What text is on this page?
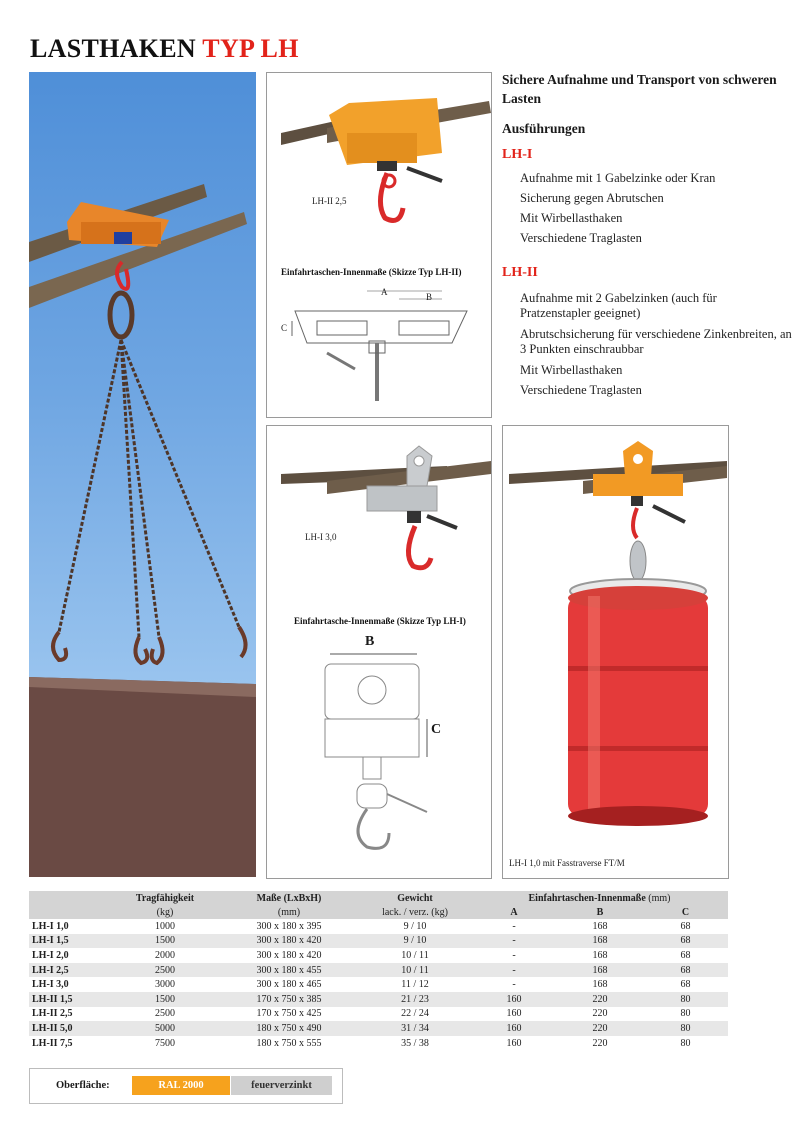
LASTHAKEN TYP LH
LH-II 2,5
Einfahrtaschen-Innenmaße (Skizze Typ LH-II)
A	B
C
LH-I 3,0
Einfahrtasche-Innenmaße (Skizze Typ LH-I)
B
C
LH-I 1,0 mit Fasstraverse FT/M
Sichere Aufnahme und Transport von schweren Lasten
Ausführungen
LH-I
Aufnahme mit 1 Gabelzinke oder Kran
Sicherung gegen Abrutschen
Mit Wirbellasthaken
Verschiedene Traglasten
LH-II
Aufnahme mit 2 Gabelzinken (auch für Pratzenstapler geeignet)
Abrutschsicherung für verschiedene Zinkenbreiten, an 3 Punkten einschraubbar
Mit Wirbellasthaken
Verschiedene Traglasten
	Tragfähigkeit	Maße (LxBxH)	Gewicht	Einfahrtaschen-Innenmaße (mm)		
	(kg)	(mm)	lack. / verz. (kg)	A	B	C
LH-I 1,0	1000	300 x 180 x 395	9 / 10	-	168	68
LH-I 1,5	1500	300 x 180 x 420	9 / 10	-	168	68
LH-I 2,0	2000	300 x 180 x 420	10 / 11	-	168	68
LH-I 2,5	2500	300 x 180 x 455	10 / 11	-	168	68
LH-I 3,0	3000	300 x 180 x 465	11 / 12	-	168	68
LH-II 1,5	1500	170 x 750 x 385	21 / 23	160	220	80
LH-II 2,5	2500	170 x 750 x 425	22 / 24	160	220	80
LH-II 5,0	5000	180 x 750 x 490	31 / 34	160	220	80
LH-II 7,5	7500	180 x 750 x 555	35 / 38	160	220	80
Oberfläche:	RAL 2000	feuerverzinkt
